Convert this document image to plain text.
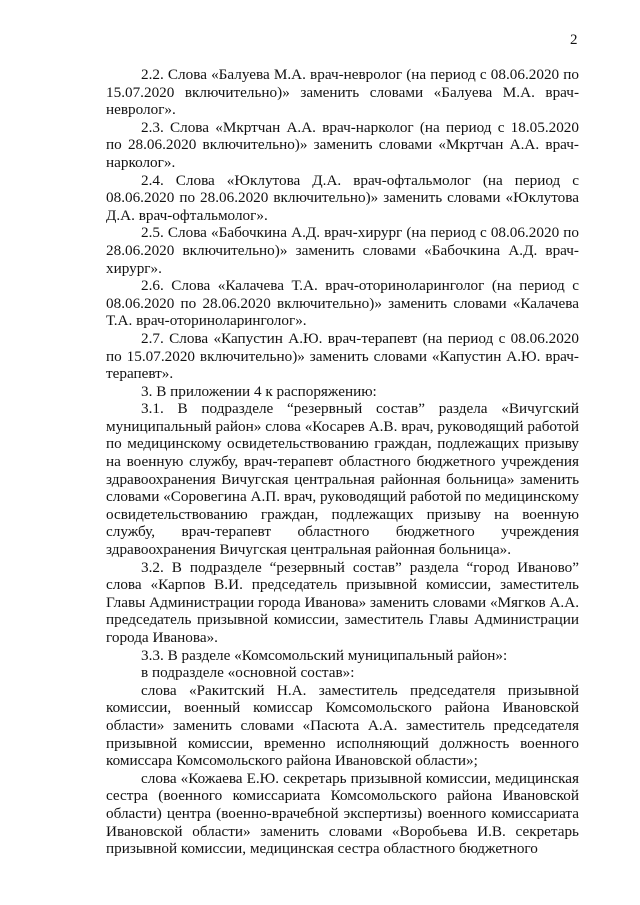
2

2.2. Слова «Балуева М.А. врач-невролог (на период с 08.06.2020 по 15.07.2020 включительно)» заменить словами «Балуева М.А. врач-невролог».

2.3. Слова «Мкртчан А.А. врач-нарколог (на период с 18.05.2020 по 28.06.2020 включительно)» заменить словами «Мкртчан А.А. врач-нарколог».

2.4. Слова «Юклутова Д.А. врач-офтальмолог (на период с 08.06.2020 по 28.06.2020 включительно)» заменить словами «Юклутова Д.А. врач-офтальмолог».

2.5. Слова «Бабочкина А.Д. врач-хирург (на период с 08.06.2020 по 28.06.2020 включительно)» заменить словами «Бабочкина А.Д. врач-хирург».

2.6. Слова «Калачева Т.А. врач-оториноларинголог (на период с 08.06.2020 по 28.06.2020 включительно)» заменить словами «Калачева Т.А. врач-оториноларинголог».

2.7. Слова «Капустин А.Ю. врач-терапевт (на период с 08.06.2020 по 15.07.2020 включительно)» заменить словами «Капустин А.Ю. врач-терапевт».

3. В приложении 4 к распоряжению:

3.1. В подразделе “резервный состав” раздела «Вичугский муниципальный район» слова «Косарев А.В. врач, руководящий работой по медицинскому освидетельствованию граждан, подлежащих призыву на военную службу, врач-терапевт областного бюджетного учреждения здравоохранения Вичугская центральная районная больница» заменить словами «Соровегина А.П. врач, руководящий работой по медицинскому освидетельствованию граждан, подлежащих призыву на военную службу, врач-терапевт областного бюджетного учреждения здравоохранения Вичугская центральная районная больница».

3.2. В подразделе “резервный состав” раздела “город Иваново” слова «Карпов В.И. председатель призывной комиссии, заместитель Главы Администрации города Иванова» заменить словами «Мягков А.А. председатель призывной комиссии, заместитель Главы Администрации города Иванова».

3.3. В разделе «Комсомольский муниципальный район»:

в подразделе «основной состав»:

слова «Ракитский Н.А. заместитель председателя призывной комиссии, военный комиссар Комсомольского района Ивановской области» заменить словами «Пасюта А.А. заместитель председателя призывной комиссии, временно исполняющий должность военного комиссара Комсомольского района Ивановской области»;

слова «Кожаева Е.Ю. секретарь призывной комиссии, медицинская сестра (военного комиссариата Комсомольского района Ивановской области) центра (военно-врачебной экспертизы) военного комиссариата Ивановской области» заменить словами «Воробьева И.В. секретарь призывной комиссии, медицинская сестра областного бюджетного
